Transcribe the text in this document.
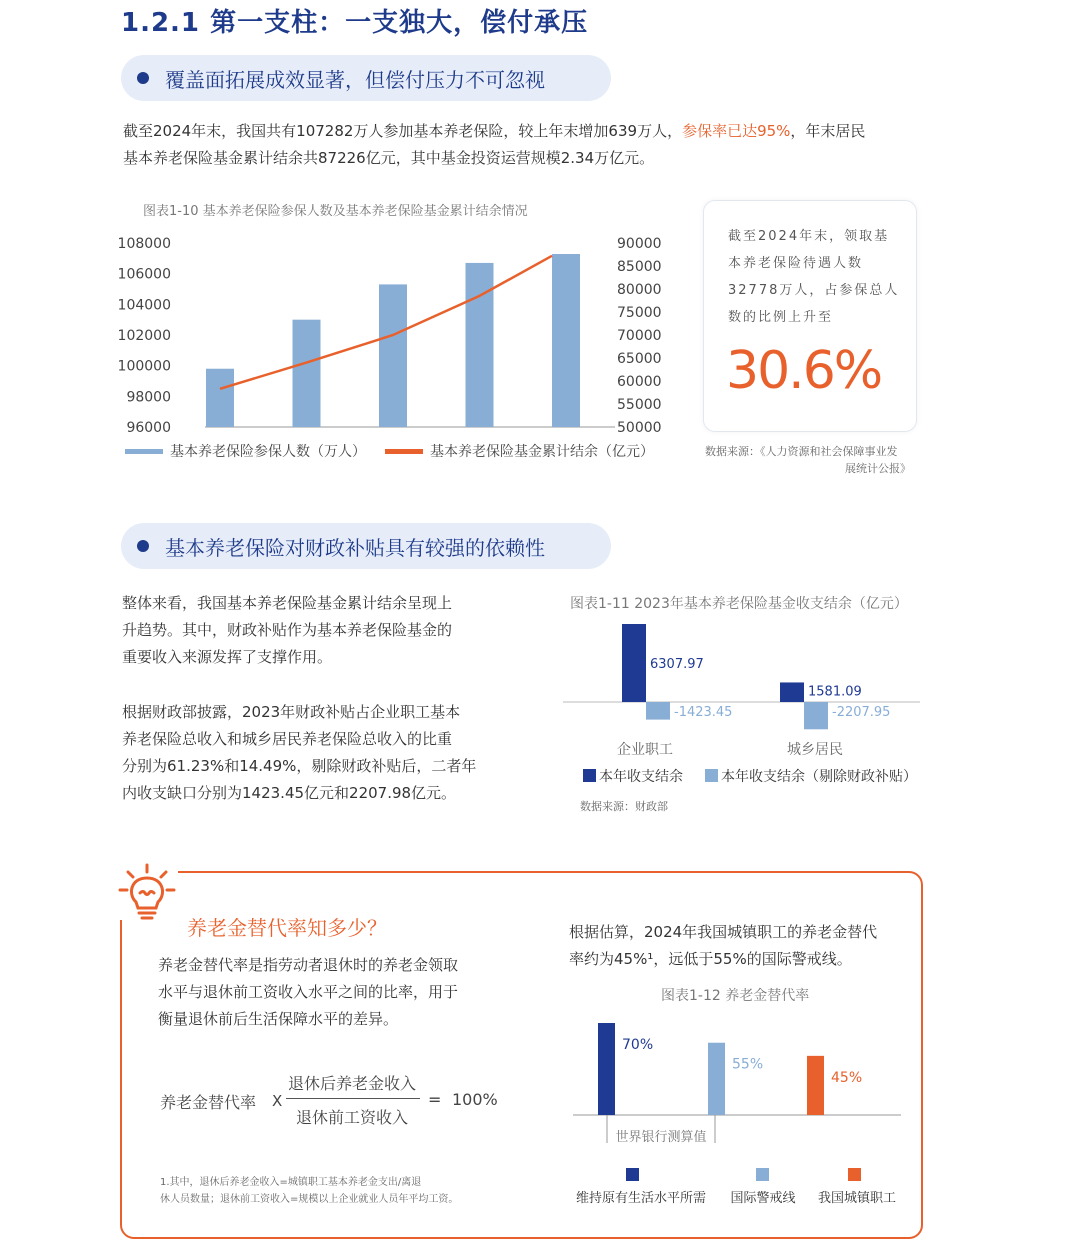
1.2.1 第一支柱：一支独大，偿付承压
覆盖面拓展成效显著，但偿付压力不可忽视
截至2024年末，我国共有107282万人参加基本养老保险，较上年末增加639万人，参保率已达95%，年末居民
基本养老保险基金累计结余共87226亿元，其中基金投资运营规模2.34万亿元。
图表1-10 基本养老保险参保人数及基本养老保险基金累计结余情况
108000
106000
104000
102000
100000
98000
96000
90000
85000
80000
75000
70000
65000
60000
55000
50000
基本养老保险参保人数（万人）	基本养老保险基金累计结余（亿元）
截至2024年末，领取基
本养老保险待遇人数
32778万人，占参保总人
数的比例上升至
30.6%
数据来源：《人力资源和社会保障事业发
展统计公报》
基本养老保险对财政补贴具有较强的依赖性
整体来看，我国基本养老保险基金累计结余呈现上
升趋势。其中，财政补贴作为基本养老保险基金的
重要收入来源发挥了支撑作用。
根据财政部披露，2023年财政补贴占企业职工基本
养老保险总收入和城乡居民养老保险总收入的比重
分别为61.23%和14.49%，剔除财政补贴后，二者年
内收支缺口分别为1423.45亿元和2207.98亿元。
图表1-11 2023年基本养老保险基金收支结余（亿元）
6307.97
1581.09
-1423.45	-2207.95
企业职工	城乡居民
本年收支结余	本年收支结余（剔除财政补贴）
数据来源：财政部
养老金替代率知多少？
养老金替代率是指劳动者退休时的养老金领取
水平与退休前工资收入水平之间的比率，用于
衡量退休前后生活保障水平的差异。
养老金替代率 X
退休后养老金收入
退休前工资收入
= 100%
1.其中，退休后养老金收入=城镇职工基本养老金支出/离退
休人员数量；退休前工资收入=规模以上企业就业人员年平均工资。
根据估算，2024年我国城镇职工的养老金替代
率约为45%¹，远低于55%的国际警戒线。
图表1-12 养老金替代率
世界银行测算值
70%
55%
45%
维持原有生活水平所需 国际警戒线 我国城镇职工
